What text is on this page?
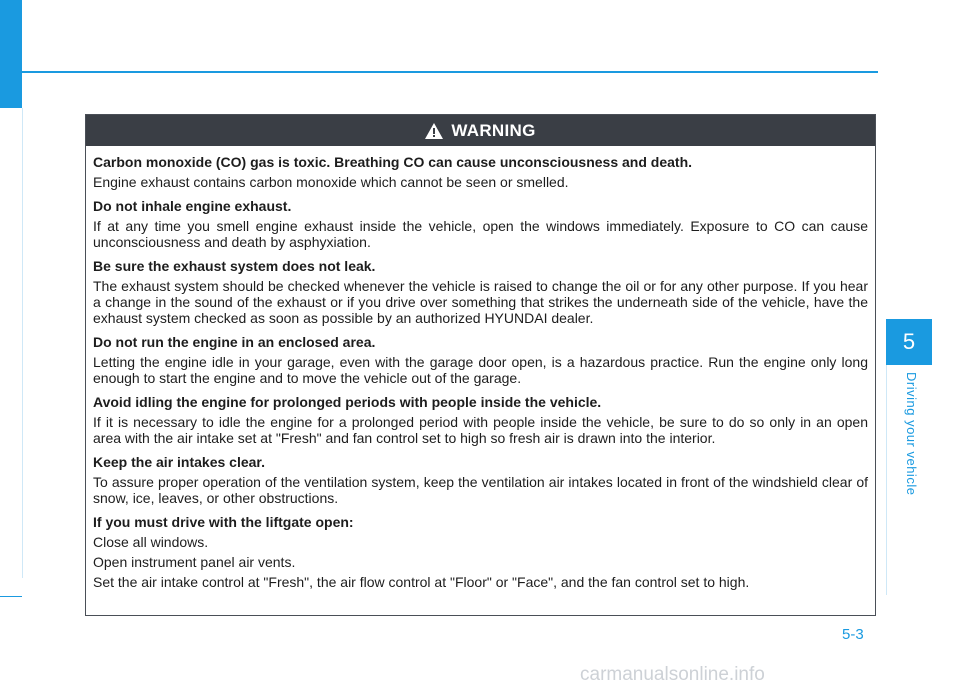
5
Driving your vehicle
WARNING

Carbon monoxide (CO) gas is toxic. Breathing CO can cause unconsciousness and death.

Engine exhaust contains carbon monoxide which cannot be seen or smelled.

Do not inhale engine exhaust.

If at any time you smell engine exhaust inside the vehicle, open the windows immediately. Exposure to CO can cause unconsciousness and death by asphyxiation.

Be sure the exhaust system does not leak.

The exhaust system should be checked whenever the vehicle is raised to change the oil or for any other purpose. If you hear a change in the sound of the exhaust or if you drive over something that strikes the underneath side of the vehicle, have the exhaust system checked as soon as possible by an authorized HYUNDAI dealer.

Do not run the engine in an enclosed area.

Letting the engine idle in your garage, even with the garage door open, is a hazardous practice. Run the engine only long enough to start the engine and to move the vehicle out of the garage.

Avoid idling the engine for prolonged periods with people inside the vehicle.

If it is necessary to idle the engine for a prolonged period with people inside the vehicle, be sure to do so only in an open area with the air intake set at "Fresh" and fan control set to high so fresh air is drawn into the interior.

Keep the air intakes clear.

To assure proper operation of the ventilation system, keep the ventilation air intakes located in front of the windshield clear of snow, ice, leaves, or other obstructions.

If you must drive with the liftgate open:

Close all windows.

Open instrument panel air vents.

Set the air intake control at "Fresh", the air flow control at "Floor" or "Face", and the fan control set to high.

5-3
carmanualsonline.info
